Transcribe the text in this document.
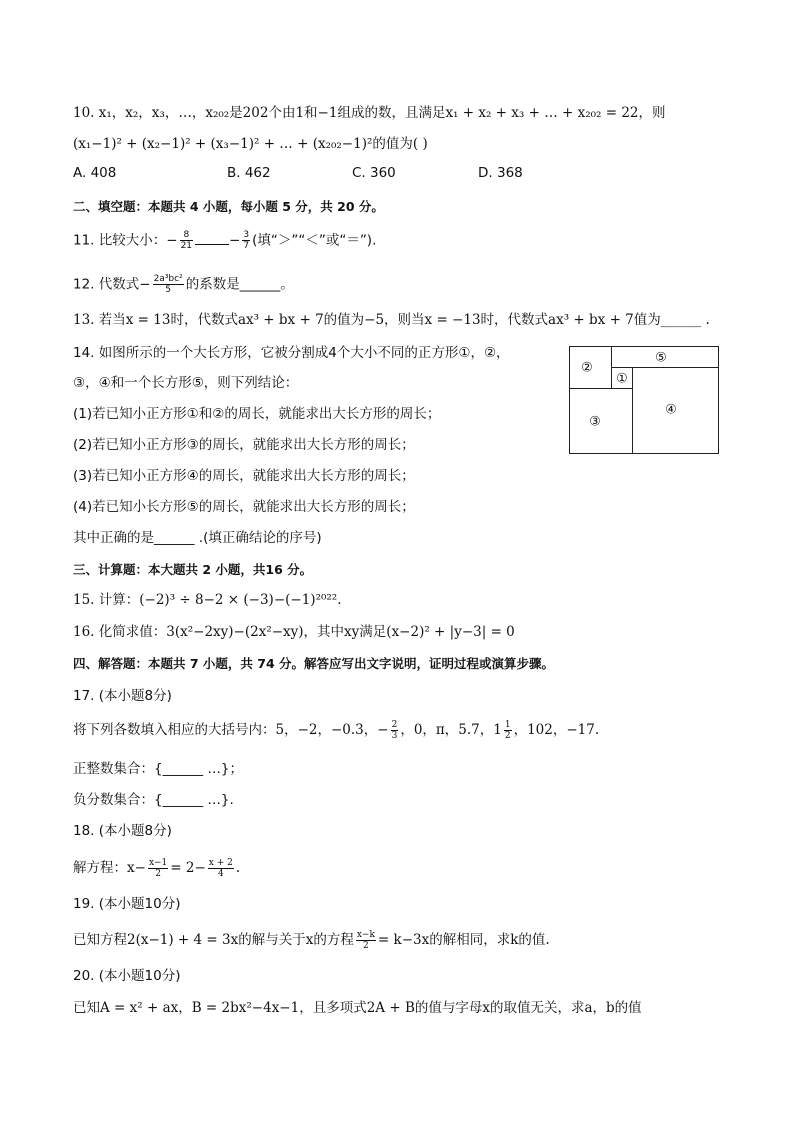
10. x₁，x₂，x₃，…，x₂₀₂是202个由1和−1组成的数，且满足x₁ + x₂ + x₃ + … + x₂₀₂ = 22，则
(x₁−1)² + (x₂−1)² + (x₃−1)² + … + (x₂₀₂−1)²的值为( )
A. 408	B. 462	C. 360	D. 368
二、填空题：本题共 4 小题，每小题 5 分，共 20 分。
11. 比较大小：− $\frac{8}{21}$	− $\frac{3}{7}$ (填“＞”“＜”或“＝”).
12. 代数式− $\frac{\text{2a³bc²}}{5}$ 的系数是______。
13. 若当x = 13时，代数式ax³ + bx + 7的值为−5，则当x = −13时，代数式ax³ + bx + 7值为______ .
14. 如图所示的一个大长方形，它被分割成4个大小不同的正方形①，②，
③，④和一个长方形⑤，则下列结论：
(1)若已知小正方形①和②的周长，就能求出大长方形的周长；
(2)若已知小正方形③的周长，就能求出大长方形的周长；
(3)若已知小正方形④的周长，就能求出大长方形的周长；
(4)若已知小长方形⑤的周长，就能求出大长方形的周长；
其中正确的是______ .(填正确结论的序号)
②
⑤
①
③
④
三、计算题：本大题共 2 小题，共16 分。
15. 计算：(−2)³ ÷ 8−2 × (−3)−(−1)²⁰²².
16. 化简求值：3(x²−2xy)−(2x²−xy)，其中xy满足(x−2)² + |y−3| = 0
四、解答题：本题共 7 小题，共 74 分。解答应写出文字说明，证明过程或演算步骤。
17. (本小题8分)
将下列各数填入相应的大括号内：5，−2，−0.3，− $\frac{2}{3}$ ，0，π，5.7，$1 \frac{1}{2}$ ，102，−17.
正整数集合：{______ …}；
负分数集合：{______ …}.
18. (本小题8分)
解方程：$x- \frac{x-1}{2} = 2- \frac{x + 2}{4}$ .
19. (本小题10分)
已知方程2(x−1) + 4 = 3x的解与关于x的方程 $\frac{x-k}{2} = k-3x$的解相同，求k的值.
20. (本小题10分)
已知A = x² + ax，B = 2bx²−4x−1，且多项式2A + B的值与字母x的取值无关，求a，b的值
